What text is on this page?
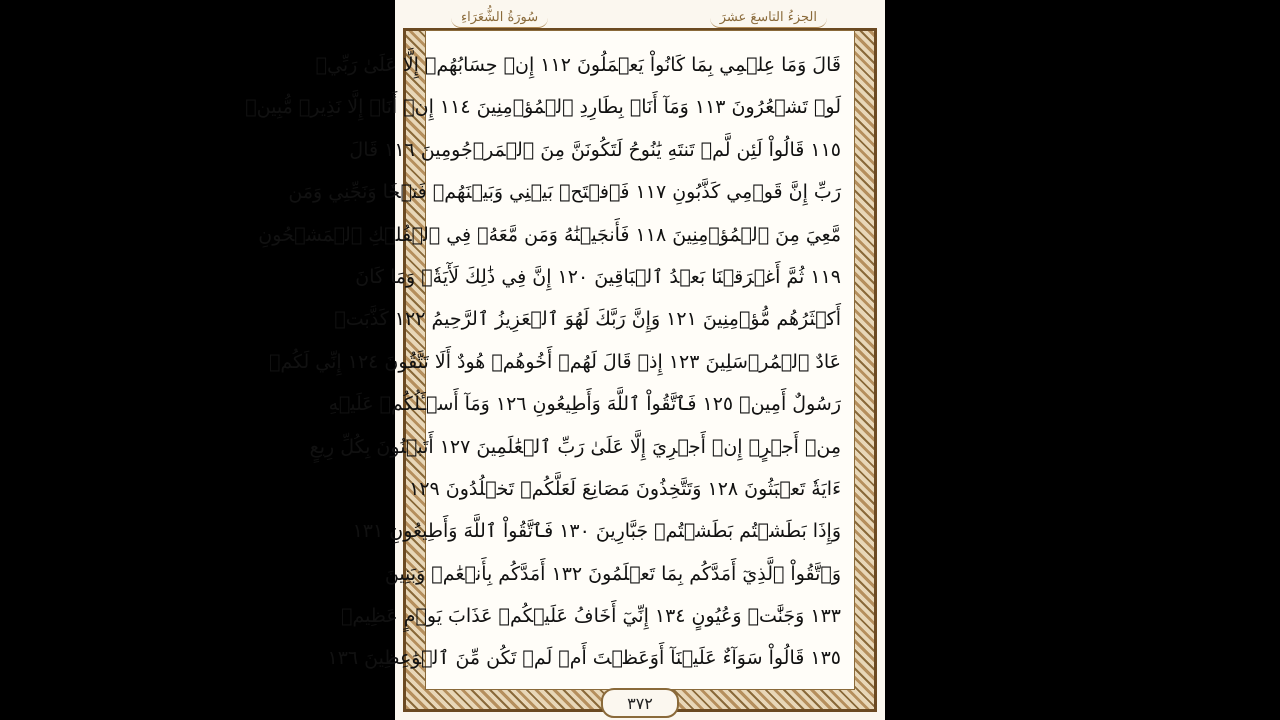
سُورَةُ الشُّعَرَاءِ	الجزءُ التاسعَ عشرَ
قَالَ وَمَا عِلۡمِي بِمَا كَانُواْ يَعۡمَلُونَ ١١٢ إِنۡ حِسَابُهُمۡ إِلَّا عَلَىٰ رَبِّيۖ
لَوۡ تَشۡعُرُونَ ١١٣ وَمَآ أَنَا۠ بِطَارِدِ ٱلۡمُؤۡمِنِينَ ١١٤ إِنۡ أَنَا۠ إِلَّا نَذِيرٞ مُّبِينٞ
١١٥ قَالُواْ لَئِن لَّمۡ تَنتَهِ يَٰنُوحُ لَتَكُونَنَّ مِنَ ٱلۡمَرۡجُومِينَ ١١٦ قَالَ
رَبِّ إِنَّ قَوۡمِي كَذَّبُونِ ١١٧ فَٱفۡتَحۡ بَيۡنِي وَبَيۡنَهُمۡ فَتۡحٗا وَنَجِّنِي وَمَن
مَّعِيَ مِنَ ٱلۡمُؤۡمِنِينَ ١١٨ فَأَنجَيۡنَٰهُ وَمَن مَّعَهُۥ فِي ٱلۡفُلۡكِ ٱلۡمَشۡحُونِ
١١٩ ثُمَّ أَغۡرَقۡنَا بَعۡدُ ٱلۡبَاقِينَ ١٢٠ إِنَّ فِي ذَٰلِكَ لَأٓيَةٗۖ وَمَا كَانَ
أَكۡثَرُهُم مُّؤۡمِنِينَ ١٢١ وَإِنَّ رَبَّكَ لَهُوَ ٱلۡعَزِيزُ ٱلرَّحِيمُ ١٢٢ كَذَّبَتۡ
عَادٌ ٱلۡمُرۡسَلِينَ ١٢٣ إِذۡ قَالَ لَهُمۡ أَخُوهُمۡ هُودٌ أَلَا تَتَّقُونَ ١٢٤ إِنِّي لَكُمۡ
رَسُولٌ أَمِينٞ ١٢٥ فَٱتَّقُواْ ٱللَّهَ وَأَطِيعُونِ ١٢٦ وَمَآ أَسۡـَٔلُكُمۡ عَلَيۡهِ
مِنۡ أَجۡرٍۖ إِنۡ أَجۡرِيَ إِلَّا عَلَىٰ رَبِّ ٱلۡعَٰلَمِينَ ١٢٧ أَتَبۡنُونَ بِكُلِّ رِيعٍ
ءَايَةٗ تَعۡبَثُونَ ١٢٨ وَتَتَّخِذُونَ مَصَانِعَ لَعَلَّكُمۡ تَخۡلُدُونَ ١٢٩
وَإِذَا بَطَشۡتُم بَطَشۡتُمۡ جَبَّارِينَ ١٣٠ فَٱتَّقُواْ ٱللَّهَ وَأَطِيعُونِ ١٣١
وَٱتَّقُواْ ٱلَّذِيٓ أَمَدَّكُم بِمَا تَعۡلَمُونَ ١٣٢ أَمَدَّكُم بِأَنۡعَٰمٖ وَبَنِينَ
١٣٣ وَجَنَّٰتٖ وَعُيُونٍ ١٣٤ إِنِّيٓ أَخَافُ عَلَيۡكُمۡ عَذَابَ يَوۡمٍ عَظِيمٖ
١٣٥ قَالُواْ سَوَآءٌ عَلَيۡنَآ أَوَعَظۡتَ أَمۡ لَمۡ تَكُن مِّنَ ٱلۡوَٰعِظِينَ ١٣٦
٣٧٢
